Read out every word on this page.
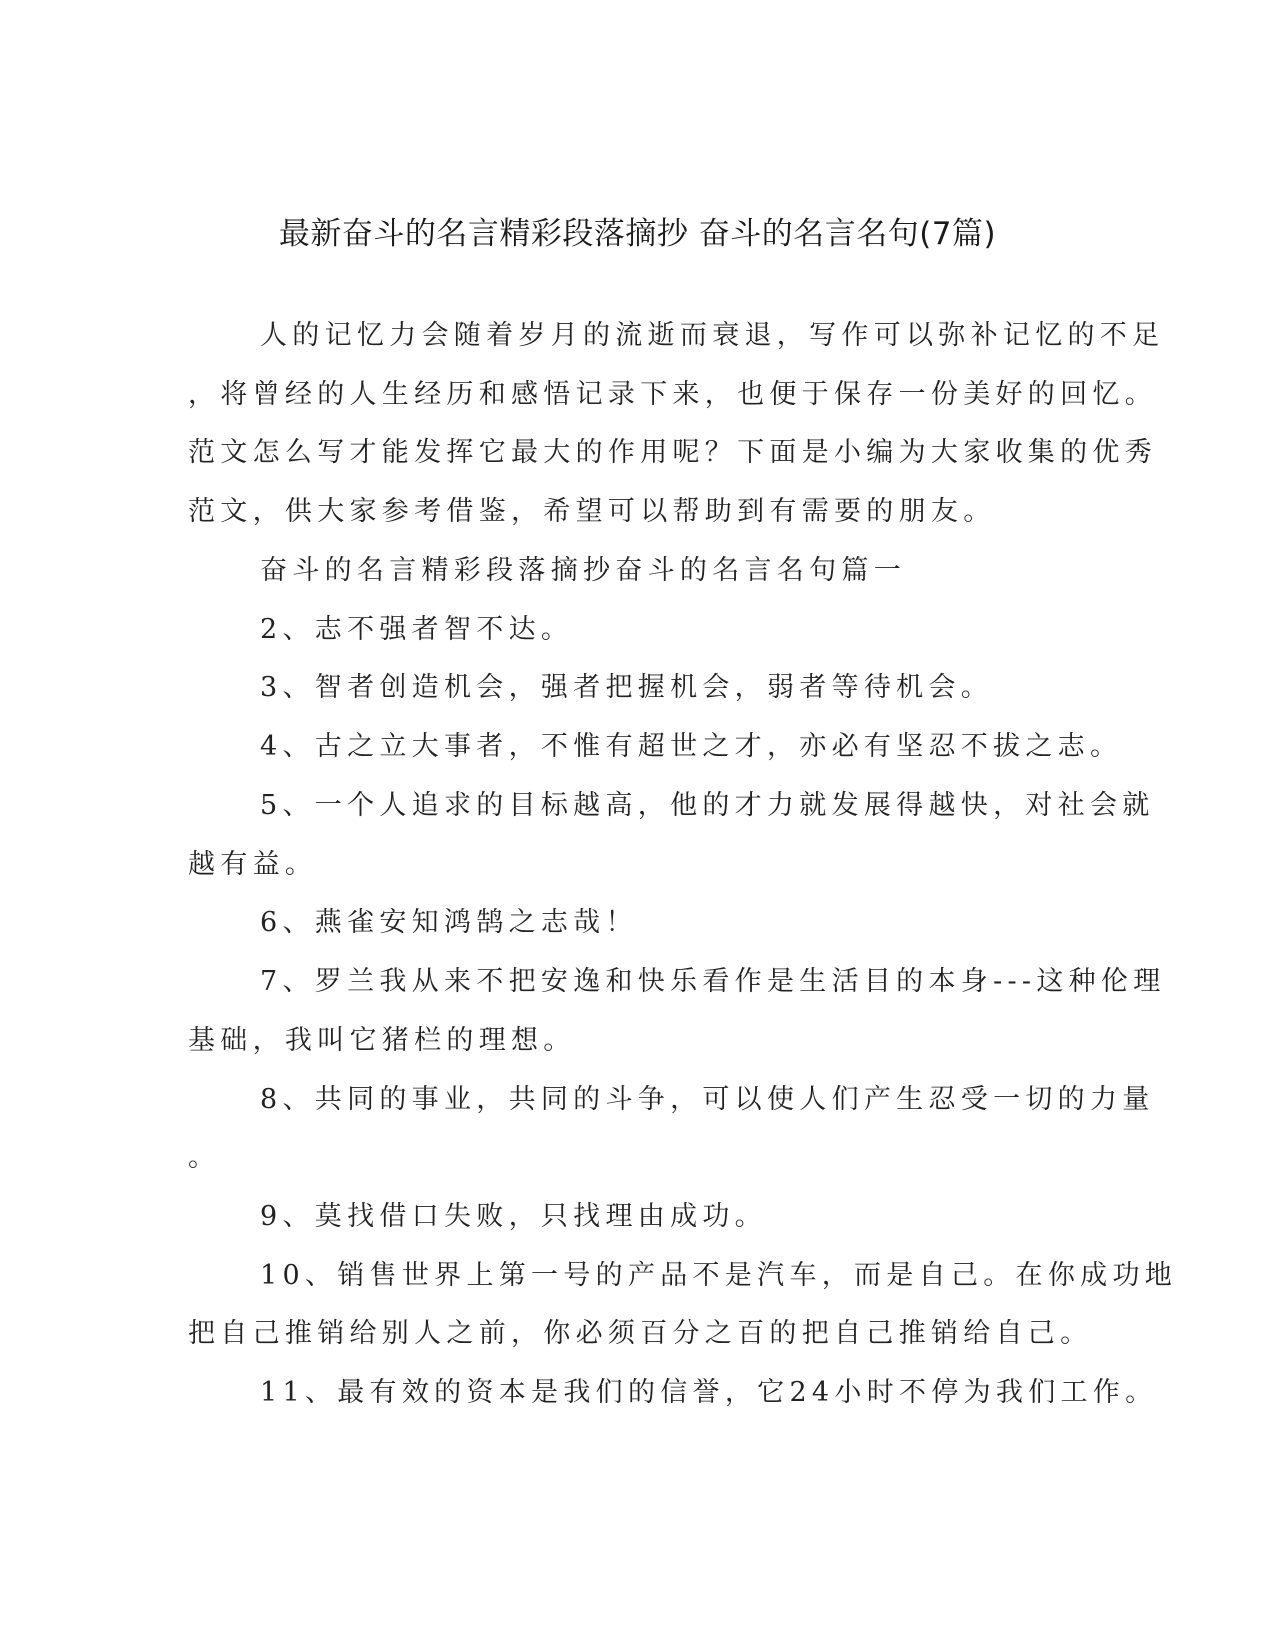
最新奋斗的名言精彩段落摘抄 奋斗的名言名句(7篇)
人的记忆力会随着岁月的流逝而衰退，写作可以弥补记忆的不足
，将曾经的人生经历和感悟记录下来，也便于保存一份美好的回忆。
范文怎么写才能发挥它最大的作用呢？下面是小编为大家收集的优秀
范文，供大家参考借鉴，希望可以帮助到有需要的朋友。
奋斗的名言精彩段落摘抄奋斗的名言名句篇一
2、志不强者智不达。
3、智者创造机会，强者把握机会，弱者等待机会。
4、古之立大事者，不惟有超世之才，亦必有坚忍不拔之志。
5、一个人追求的目标越高，他的才力就发展得越快，对社会就
越有益。
6、燕雀安知鸿鹄之志哉！
7、罗兰我从来不把安逸和快乐看作是生活目的本身---这种伦理
基础，我叫它猪栏的理想。
8、共同的事业，共同的斗争，可以使人们产生忍受一切的力量
。
9、莫找借口失败，只找理由成功。
10、销售世界上第一号的产品不是汽车，而是自己。在你成功地
把自己推销给别人之前，你必须百分之百的把自己推销给自己。
11、最有效的资本是我们的信誉，它24小时不停为我们工作。
